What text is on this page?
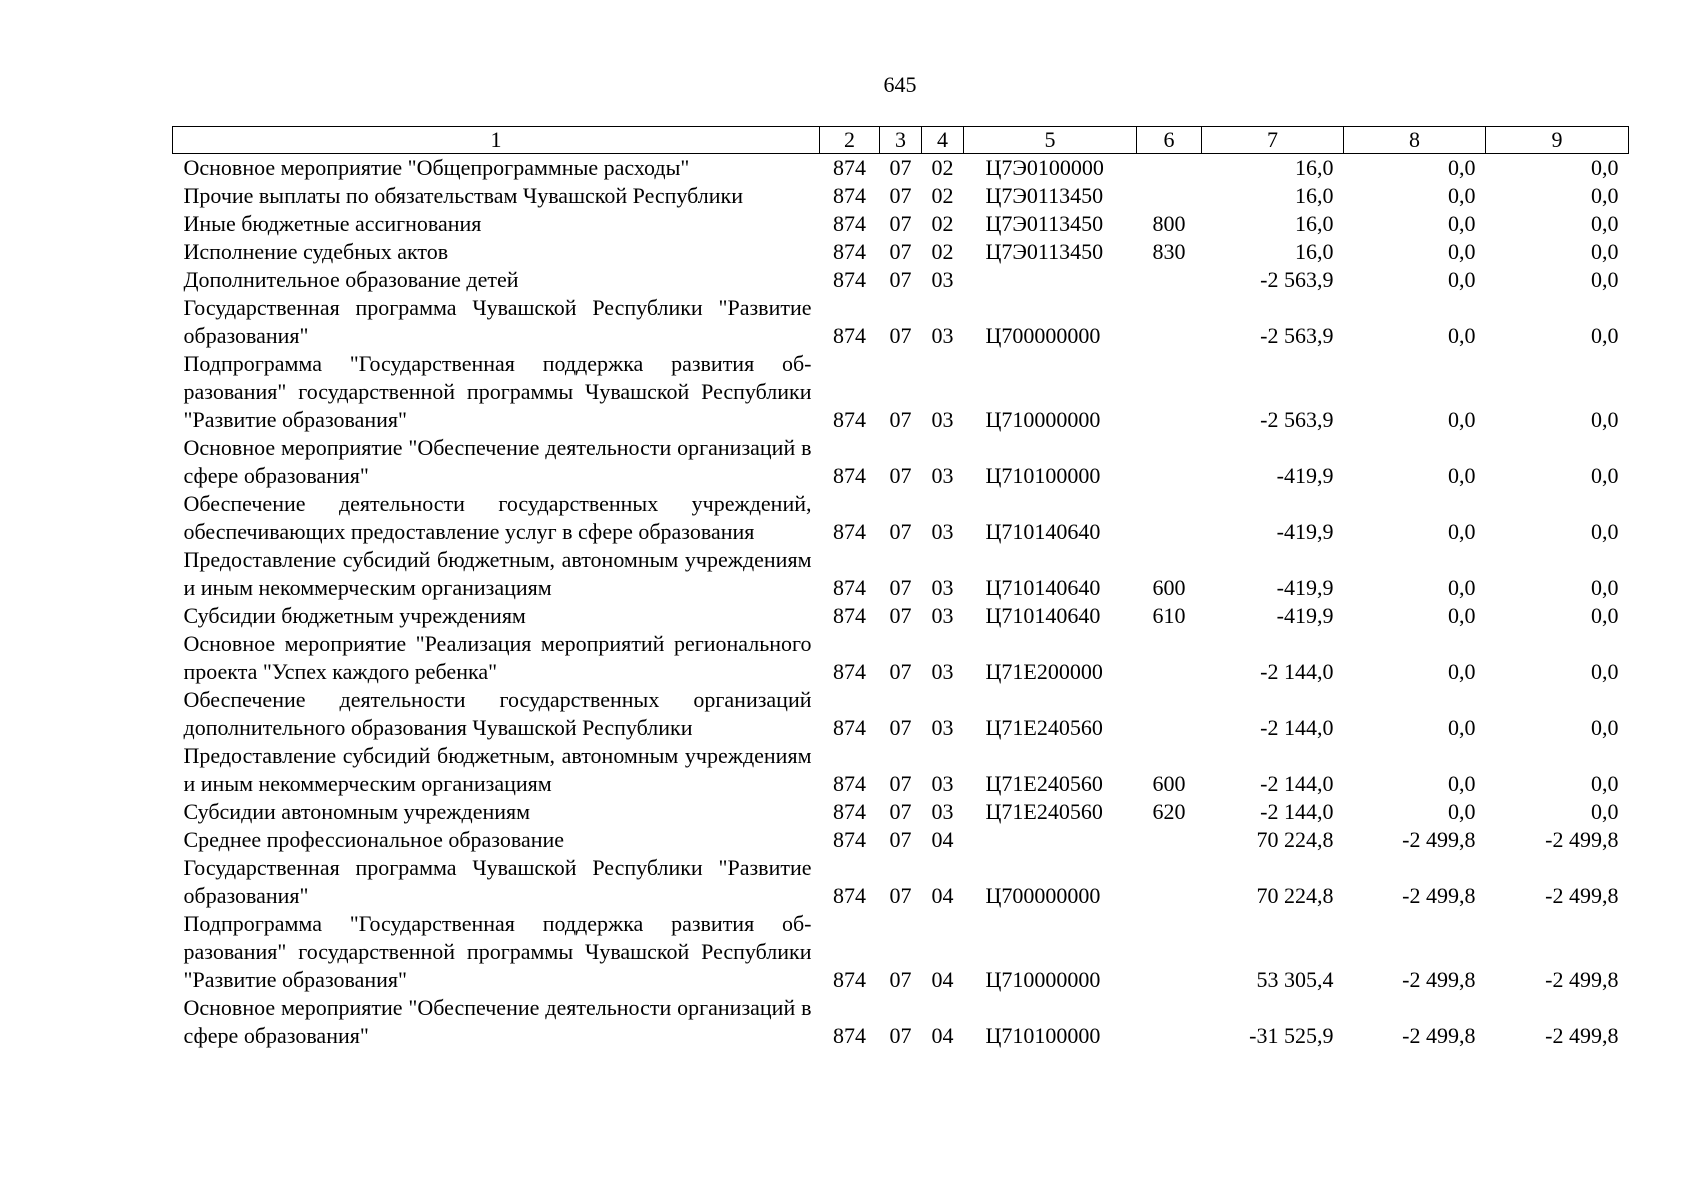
645
1	2	3	4	5	6	7	8	9
Основное мероприятие "Общепрограммные расходы"	874	07	02	Ц7Э0100000		16,0	0,0	0,0
Прочие выплаты по обязательствам Чувашской Республики	874	07	02	Ц7Э0113450		16,0	0,0	0,0
Иные бюджетные ассигнования	874	07	02	Ц7Э0113450	800	16,0	0,0	0,0
Исполнение судебных актов	874	07	02	Ц7Э0113450	830	16,0	0,0	0,0
Дополнительное образование детей	874	07	03			-2 563,9	0,0	0,0
Государственная программа Чувашской Республики "Развитие образования"	874	07	03	Ц700000000		-2 563,9	0,0	0,0
Подпрограмма "Государственная поддержка развития образования" государственной программы Чувашской Республики "Развитие образования"	874	07	03	Ц710000000		-2 563,9	0,0	0,0
Основное мероприятие "Обеспечение деятельности организаций в сфере образования"	874	07	03	Ц710100000		-419,9	0,0	0,0
Обеспечение деятельности государственных учреждений, обеспечивающих предоставление услуг в сфере образования	874	07	03	Ц710140640		-419,9	0,0	0,0
Предоставление субсидий бюджетным, автономным учреждениям и иным некоммерческим организациям	874	07	03	Ц710140640	600	-419,9	0,0	0,0
Субсидии бюджетным учреждениям	874	07	03	Ц710140640	610	-419,9	0,0	0,0
Основное мероприятие "Реализация мероприятий регионального проекта "Успех каждого ребенка"	874	07	03	Ц71Е200000		-2 144,0	0,0	0,0
Обеспечение деятельности государственных организаций дополнительного образования Чувашской Республики	874	07	03	Ц71Е240560		-2 144,0	0,0	0,0
Предоставление субсидий бюджетным, автономным учреждениям и иным некоммерческим организациям	874	07	03	Ц71Е240560	600	-2 144,0	0,0	0,0
Субсидии автономным учреждениям	874	07	03	Ц71Е240560	620	-2 144,0	0,0	0,0
Среднее профессиональное образование	874	07	04			70 224,8	-2 499,8	-2 499,8
Государственная программа Чувашской Республики "Развитие образования"	874	07	04	Ц700000000		70 224,8	-2 499,8	-2 499,8
Подпрограмма "Государственная поддержка развития образования" государственной программы Чувашской Республики "Развитие образования"	874	07	04	Ц710000000		53 305,4	-2 499,8	-2 499,8
Основное мероприятие "Обеспечение деятельности организаций в сфере образования"	874	07	04	Ц710100000		-31 525,9	-2 499,8	-2 499,8
